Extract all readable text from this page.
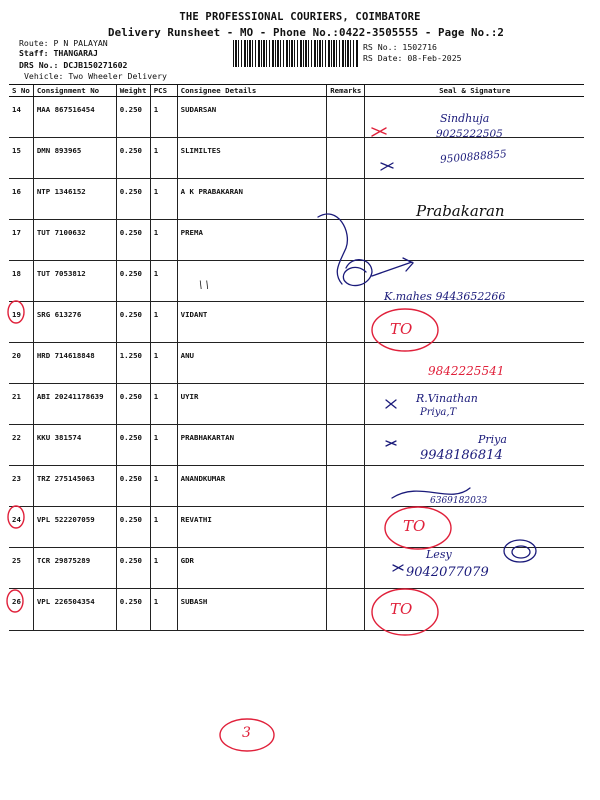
THE PROFESSIONAL COURIERS, COIMBATORE
Delivery Runsheet - MO - Phone No.:0422-3505555 - Page No.:2
Route: P N PALAYAN
Staff: THANGARAJ
DRS No.: DCJB150271602
Vehicle: Two Wheeler Delivery
RS No.: 1502716
RS Date: 08-Feb-2025
S No	Consignment No	Weight	PCS	Consignee Details	Remarks	Seal & Signature
14	MAA 867516454	0.250	1	SUDARSAN		
15	DMN 893965	0.250	1	SLIMILTES		
16	NTP 1346152	0.250	1	A K PRABAKARAN		
17	TUT 7100632	0.250	1	PREMA		
18	TUT 7053812	0.250	1			
19	SRG 613276	0.250	1	VIDANT		
20	HRD 714618848	1.250	1	ANU		
21	ABI 20241178639	0.250	1	UYIR		
22	KKU 381574	0.250	1	PRABHAKARTAN		
23	TRZ 275145063	0.250	1	ANANDKUMAR		
24	VPL 522207059	0.250	1	REVATHI		
25	TCR 29875289	0.250	1	GDR		
26	VPL 226504354	0.250	1	SUBASH		
Sindhuja
9025222505
9500888855
Prabakaran
\ \
K.mahes 9443652266
TO
9842225541
R.Vinathan
Priya,T
Priya
9948186814
6369182033
TO
Lesy
9042077079
TO
3
